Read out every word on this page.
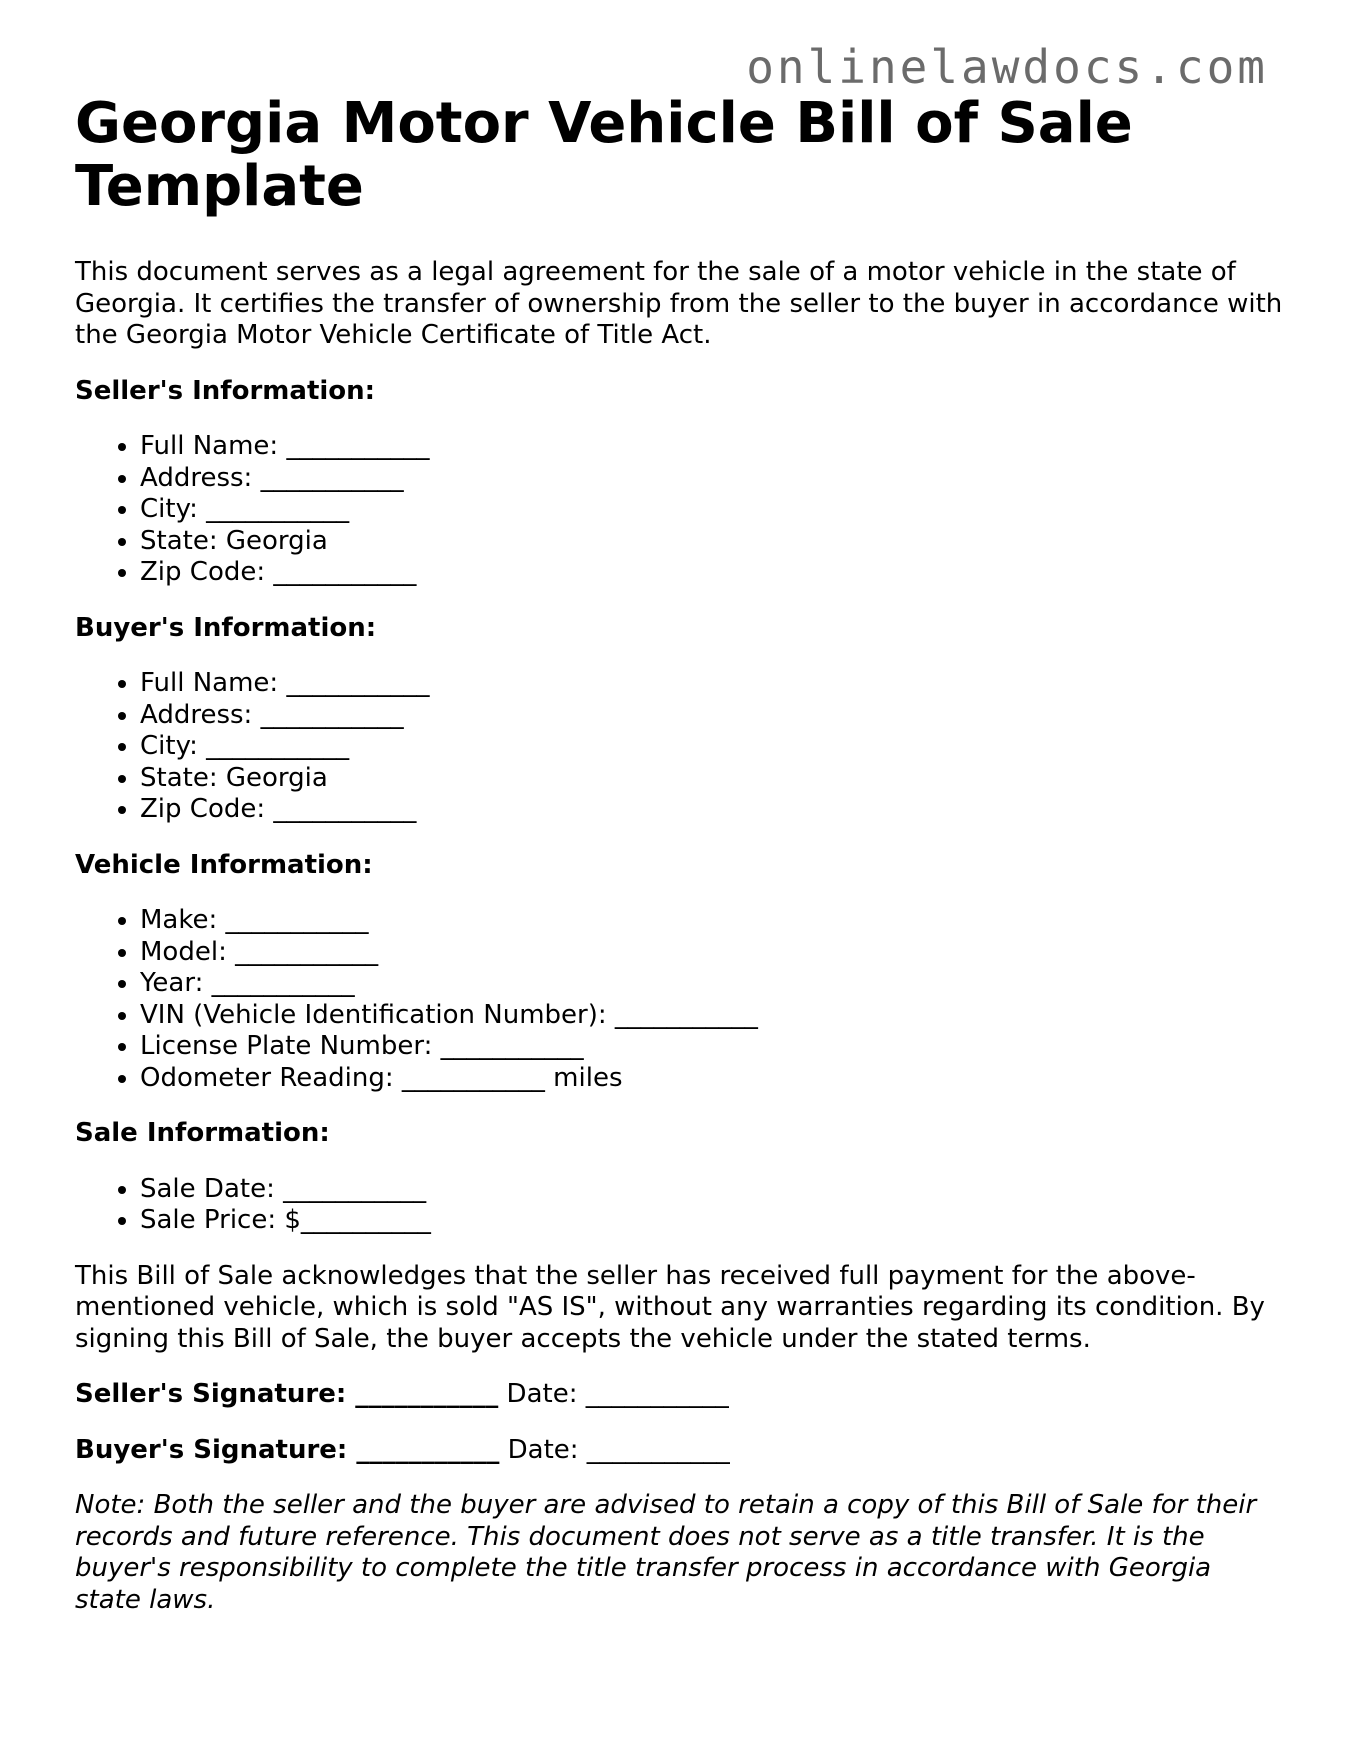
onlinelawdocs.com
Georgia Motor Vehicle Bill of Sale Template

This document serves as a legal agreement for the sale of a motor vehicle in the state of Georgia. It certifies the transfer of ownership from the seller to the buyer in accordance with the Georgia Motor Vehicle Certificate of Title Act.

Seller's Information:
• Full Name: ___________
• Address: ___________
• City: ___________
• State: Georgia
• Zip Code: ___________
Buyer's Information:
• Full Name: ___________
• Address: ___________
• City: ___________
• State: Georgia
• Zip Code: ___________
Vehicle Information:
• Make: ___________
• Model: ___________
• Year: ___________
• VIN (Vehicle Identification Number): ___________
• License Plate Number: ___________
• Odometer Reading: ___________ miles
Sale Information:
• Sale Date: ___________
• Sale Price: $__________

This Bill of Sale acknowledges that the seller has received full payment for the above-mentioned vehicle, which is sold "AS IS", without any warranties regarding its condition. By signing this Bill of Sale, the buyer accepts the vehicle under the stated terms.

Seller's Signature: ___________ Date: ___________
Buyer's Signature: ___________ Date: ___________

Note: Both the seller and the buyer are advised to retain a copy of this Bill of Sale for their records and future reference. This document does not serve as a title transfer. It is the buyer's responsibility to complete the title transfer process in accordance with Georgia state laws.
